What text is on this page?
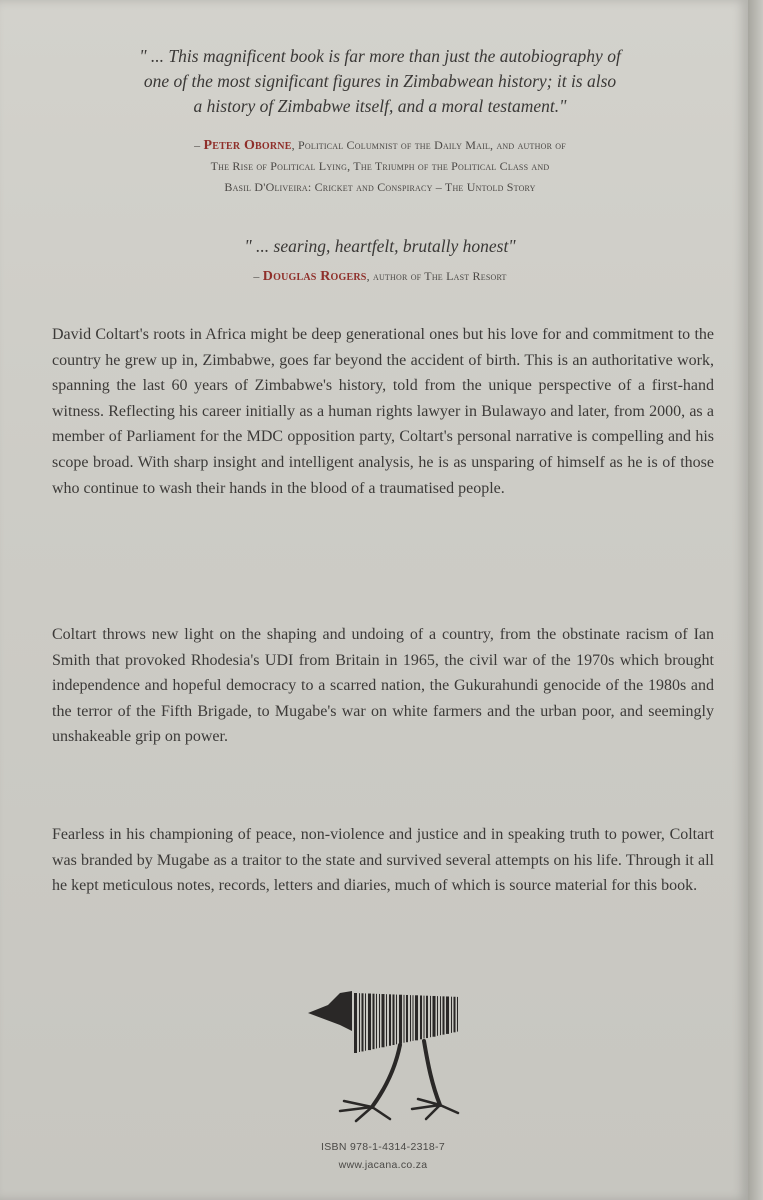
" ... This magnificent book is far more than just the autobiography of
one of the most significant figures in Zimbabwean history; it is also
a history of Zimbabwe itself, and a moral testament."
– Peter Oborne, Political Columnist of the Daily Mail, and author of
The Rise of Political Lying, The Triumph of the Political Class and
Basil D'Oliveira: Cricket and Conspiracy – The Untold Story
" ... searing, heartfelt, brutally honest"
– Douglas Rogers, author of The Last Resort
David Coltart's roots in Africa might be deep generational ones but his love for and commitment to the country he grew up in, Zimbabwe, goes far beyond the accident of birth. This is an authoritative work, spanning the last 60 years of Zimbabwe's history, told from the unique perspective of a first-hand witness. Reflecting his career initially as a human rights lawyer in Bulawayo and later, from 2000, as a member of Parliament for the MDC opposition party, Coltart's personal narrative is compelling and his scope broad. With sharp insight and intelligent analysis, he is as unsparing of himself as he is of those who continue to wash their hands in the blood of a traumatised people.
Coltart throws new light on the shaping and undoing of a country, from the obstinate racism of Ian Smith that provoked Rhodesia's UDI from Britain in 1965, the civil war of the 1970s which brought independence and hopeful democracy to a scarred nation, the Gukurahundi genocide of the 1980s and the terror of the Fifth Brigade, to Mugabe's war on white farmers and the urban poor, and seemingly unshakeable grip on power.
Fearless in his championing of peace, non-violence and justice and in speaking truth to power, Coltart was branded by Mugabe as a traitor to the state and survived several attempts on his life. Through it all he kept meticulous notes, records, letters and diaries, much of which is source material for this book.
ISBN 978-1-4314-2318-7
www.jacana.co.za
